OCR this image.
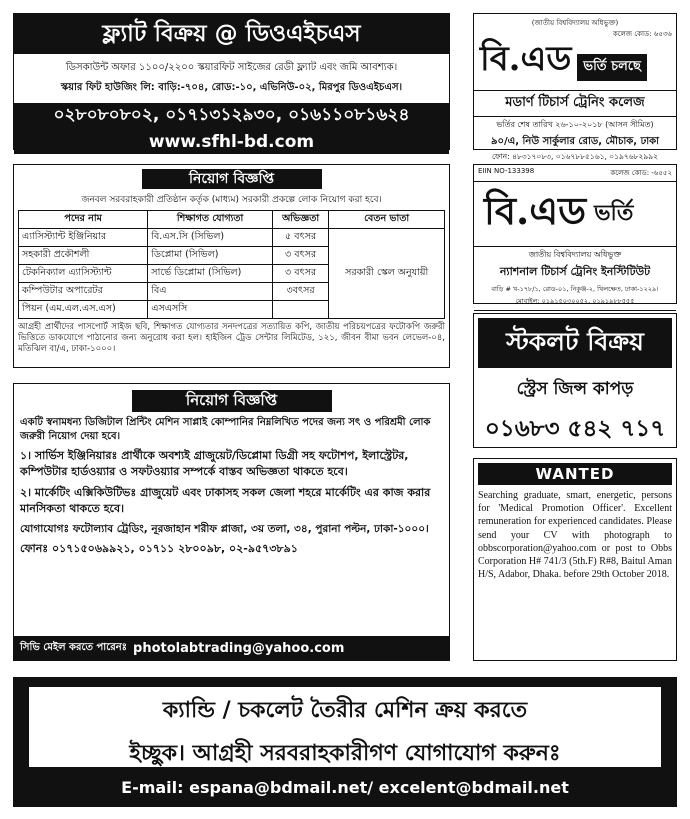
ফ্ল্যাট বিক্রয় @ ডিওএইচএস
ডিসকাউন্ট অফার ১১০০/২২০০ স্কয়ারফিট সাইজের রেডী ফ্ল্যাট এবং জমি আবশ্যক।
স্কয়ার ফিট হাউজিং লি: বাড়ি:-৭০৪, রোড:-১০, এভিনিউ-০২, মিরপুর ডিওএইচএস।
০২৮০৮০৮০২, ০১৭১৩১২৯৩০, ০১৬১১০৮১৬২৪
www.sfhl-bd.com
(জাতীয় বিশ্ববিদ্যালয় অধিভুক্ত)
কলেজ কোড: ৬৫৩৬
বি.এড ভর্তি চলছে
মডার্ণ টিচার্স ট্রেনিং কলেজ
ভর্তির শেষ তারিখ ২৬-১০-২০১৮ (আসন সীমিত)
৯০/এ, নিউ সার্কুলার রোড, মৌচাক, ঢাকা
ফোন: ৪৮৩১৭০৮৩, ০১৬৭৮৮৫১৬১, ০১৯৭৬৮২৯৯২
নিয়োগ বিজ্ঞপ্তি
জনবল সরবরাহকারী প্রতিষ্ঠান কর্তৃক (মাধ্যম) সরকারী প্রকল্পে লোক নিয়োগ করা হবে।
পদের নাম	শিক্ষাগত যোগ্যতা	অভিজ্ঞতা	বেতন ভাতা
এ্যাসিস্ট্যান্ট ইঞ্জিনিয়ার	বি.এস.সি (সিভিল)	৫ বৎসর	সরকারী স্কেল অনুযায়ী
সহকারী প্রকৌশলী	ডিপ্লোমা (সিভিল)	৩ বৎসর	
টেকনিক্যাল এ্যাসিস্ট্যান্ট	সার্ভে ডিপ্লোমা (সিভিল)	৩ বৎসর	
কম্পিউটার অপারেটর	বিএ	৩বৎসর	
পিয়ন (এম.এল.এস.এস)	এসএসসি		
আগ্রহী প্রার্থীদের পাসপোর্ট সাইজ ছবি, শিক্ষাগত যোগ্যতার সনদপত্রের সত্যায়িত কপি, জাতীয় পরিচয়পত্রের ফটোকপি জরুরী ভিত্তিতে ডাকযোগে পাঠানোর জন্য অনুরোধ করা হল। হাইজিন ট্রেড সেন্টার লিমিটেড, ১২১, জীবন বীমা ভবন লেভেল-০৪, মতিঝিল বা/এ, ঢাকা-১০০০।
EIIN NO-133398	কলেজ কোড: -৬৫৫২
বি.এড ভর্তি
জাতীয় বিশ্ববিদ্যালয় অধিভুক্ত
ন্যাশনাল টিচার্স ট্রেনিং ইনস্টিটিউট
বাড়ি # খ-১৭৮/১, রোড-০১, নিকুঞ্জ-২, খিলক্ষেত, ঢাকা-১২২৯।
মোবাইল: ০১৯১৫০৩০০৫২, ০১৯১৯৮৮৫৫৫
স্টকলট বিক্রয়
স্ট্রেস জিন্স কাপড়
০১৬৮৩ ৫৪২ ৭১৭
নিয়োগ বিজ্ঞপ্তি
একটি স্বনামধন্য ডিজিটাল প্রিন্টিং মেশিন সাপ্লাই কোম্পানির নিম্নলিখিত পদের জন্য সৎ ও পরিশ্রমী লোক জরুরী নিয়োগ দেয়া হবে।
১। সার্ভিস ইঞ্জিনিয়ারঃ প্রার্থীকে অবশ্যই গ্রাজুয়েট/ডিপ্লোমা ডিগ্রী সহ ফটোশপ, ইলাস্ট্রেটর, কম্পিউটার হার্ডওয়্যার ও সফটওয়্যার সম্পর্কে বাস্তব অভিজ্ঞতা থাকতে হবে।
২। মার্কেটিং এক্সিকিউটিভঃ গ্রাজুয়েট এবং ঢাকাসহ সকল জেলা শহরে মার্কেটিং এর কাজ করার মানসিকতা থাকতে হবে।
যোগাযোগঃ ফটোল্যাব ট্রেডিং, নূরজাহান শরীফ প্লাজা, ৩য় তলা, ৩৪, পুরানা পল্টন, ঢাকা-১০০০।
ফোনঃ ০১৭১৫০৬৯৯২১, ০১৭১১ ২৮০০৯৮, ০২-৯৫৭৩৮৯১
সিভি মেইল করতে পারেনঃ photolabtrading@yahoo.com
WANTED
Searching graduate, smart, energetic, persons for 'Medical Promotion Officer'. Excellent remuneration for experienced candidates. Please send your CV with photograph to obbscorporation@yahoo.com or post to Obbs Corporation H# 741/3 (5th.F) R#8, Baitul Aman H/S, Adabor, Dhaka. before 29th October 2018.
ক্যান্ডি / চকলেট তৈরীর মেশিন ক্রয় করতে
ইচ্ছুক। আগ্রহী সরবরাহকারীগণ যোগাযোগ করুনঃ
E-mail: espana@bdmail.net/ excelent@bdmail.net
